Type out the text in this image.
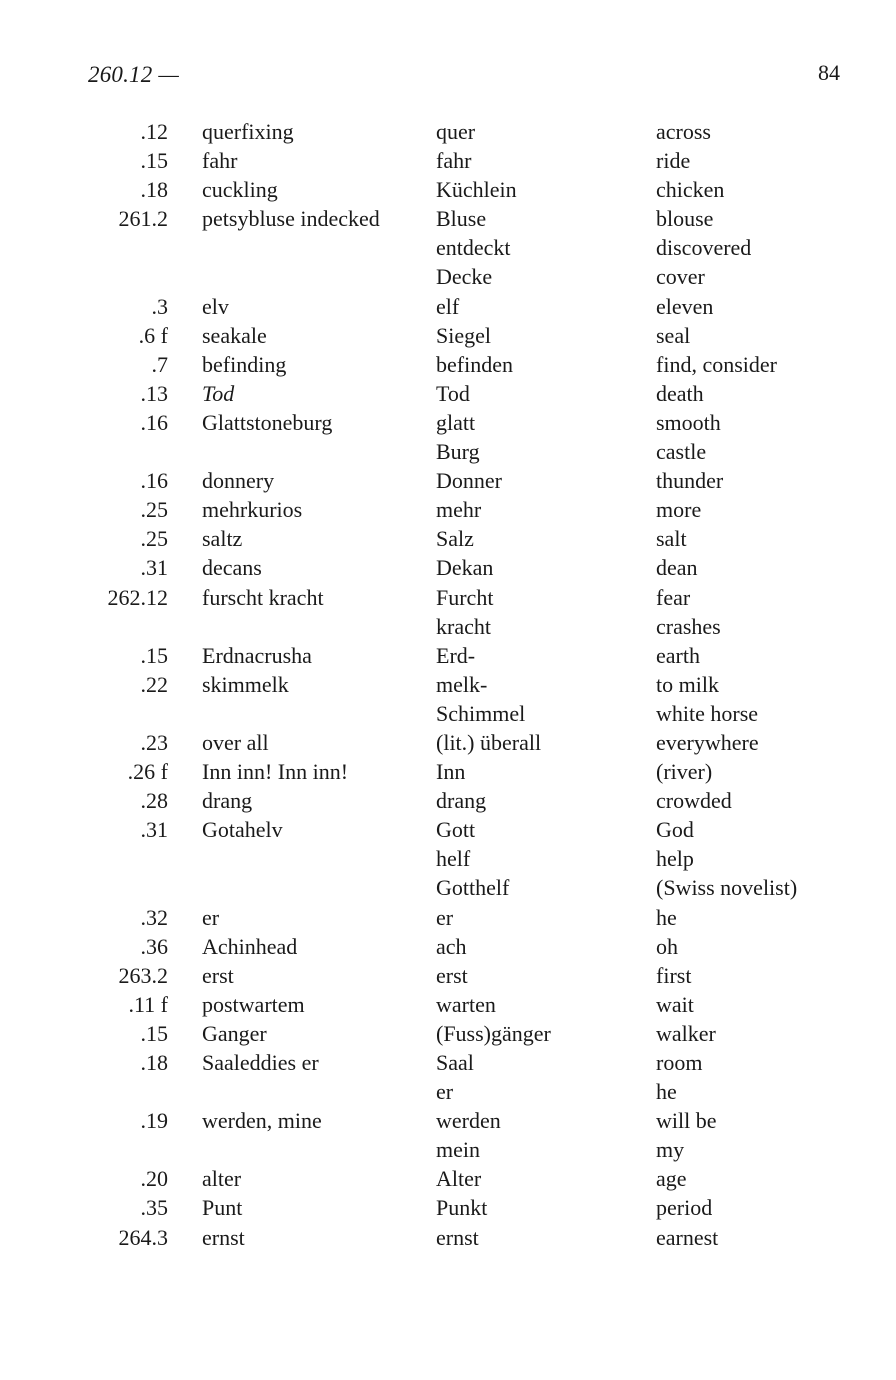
260.12 —	84
.12 querfixing	quer	across
.15 fahr	fahr	ride
.18 cuckling	Küchlein	chicken
261.2 petsybluse indecked	Bluse	blouse
entdeckt	discovered
Decke	cover
.3 elv	elf	eleven
.6 f seakale	Siegel	seal
.7 befinding	befinden	find, consider
.13 Tod	Tod	death
.16 Glattstoneburg	glatt	smooth
Burg	castle
.16 donnery	Donner	thunder
.25 mehrkurios	mehr	more
.25 saltz	Salz	salt
.31 decans	Dekan	dean
262.12 furscht kracht	Furcht	fear
kracht	crashes
.15 Erdnacrusha	Erd-	earth
.22 skimmelk	melk-	to milk
Schimmel	white horse
.23 over all	(lit.) überall	everywhere
.26 f Inn inn! Inn inn!	Inn	(river)
.28 drang	drang	crowded
.31 Gotahelv	Gott	God
helf	help
Gotthelf	(Swiss novelist)
.32 er	er	he
.36 Achinhead	ach	oh
263.2 erst	erst	first
.11 f postwartem	warten	wait
.15 Ganger	(Fuss)gänger	walker
.18 Saaleddies er	Saal	room
er	he
.19 werden, mine	werden	will be
mein	my
.20 alter	Alter	age
.35 Punt	Punkt	period
264.3 ernst	ernst	earnest
